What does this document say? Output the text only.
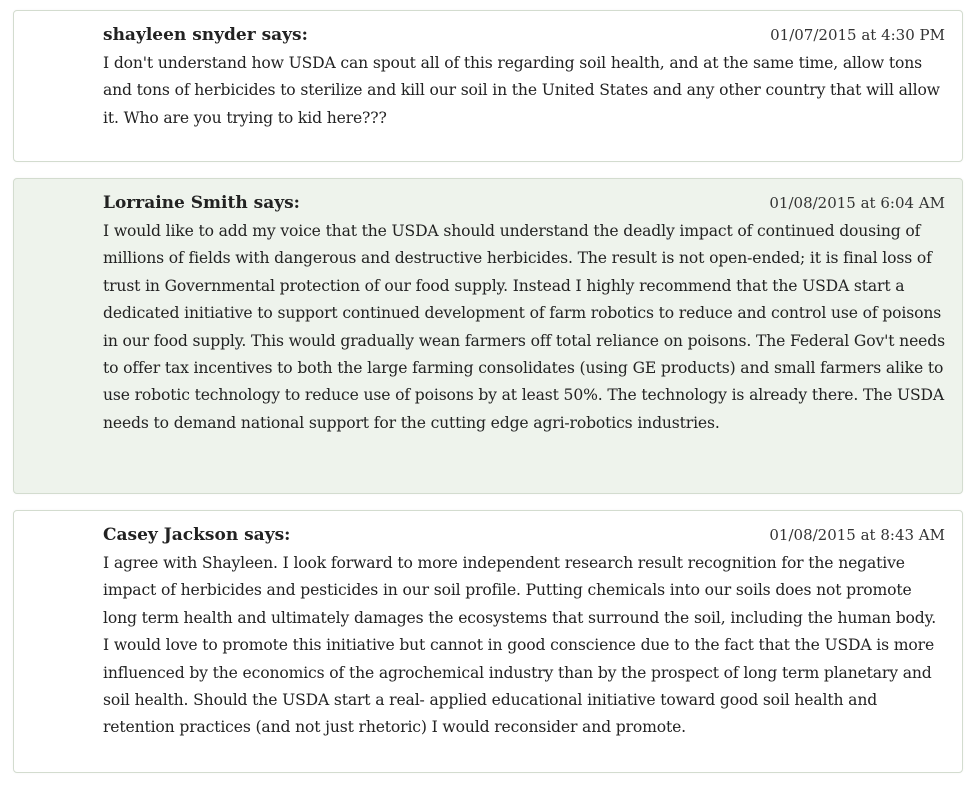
shayleen snyder says:	01/07/2015 at 4:30 PM

I don't understand how USDA can spout all of this regarding soil health, and at the same time, allow tons and tons of herbicides to sterilize and kill our soil in the United States and any other country that will allow it. Who are you trying to kid here???

Lorraine Smith says:	01/08/2015 at 6:04 AM

I would like to add my voice that the USDA should understand the deadly impact of continued dousing of millions of fields with dangerous and destructive herbicides. The result is not open-ended; it is final loss of trust in Governmental protection of our food supply. Instead I highly recommend that the USDA start a dedicated initiative to support continued development of farm robotics to reduce and control use of poisons in our food supply. This would gradually wean farmers off total reliance on poisons. The Federal Gov't needs to offer tax incentives to both the large farming consolidates (using GE products) and small farmers alike to use robotic technology to reduce use of poisons by at least 50%. The technology is already there. The USDA needs to demand national support for the cutting edge agri-robotics industries.

Casey Jackson says:	01/08/2015 at 8:43 AM

I agree with Shayleen. I look forward to more independent research result recognition for the negative impact of herbicides and pesticides in our soil profile. Putting chemicals into our soils does not promote long term health and ultimately damages the ecosystems that surround the soil, including the human body. I would love to promote this initiative but cannot in good conscience due to the fact that the USDA is more influenced by the economics of the agrochemical industry than by the prospect of long term planetary and soil health. Should the USDA start a real- applied educational initiative toward good soil health and retention practices (and not just rhetoric) I would reconsider and promote.
